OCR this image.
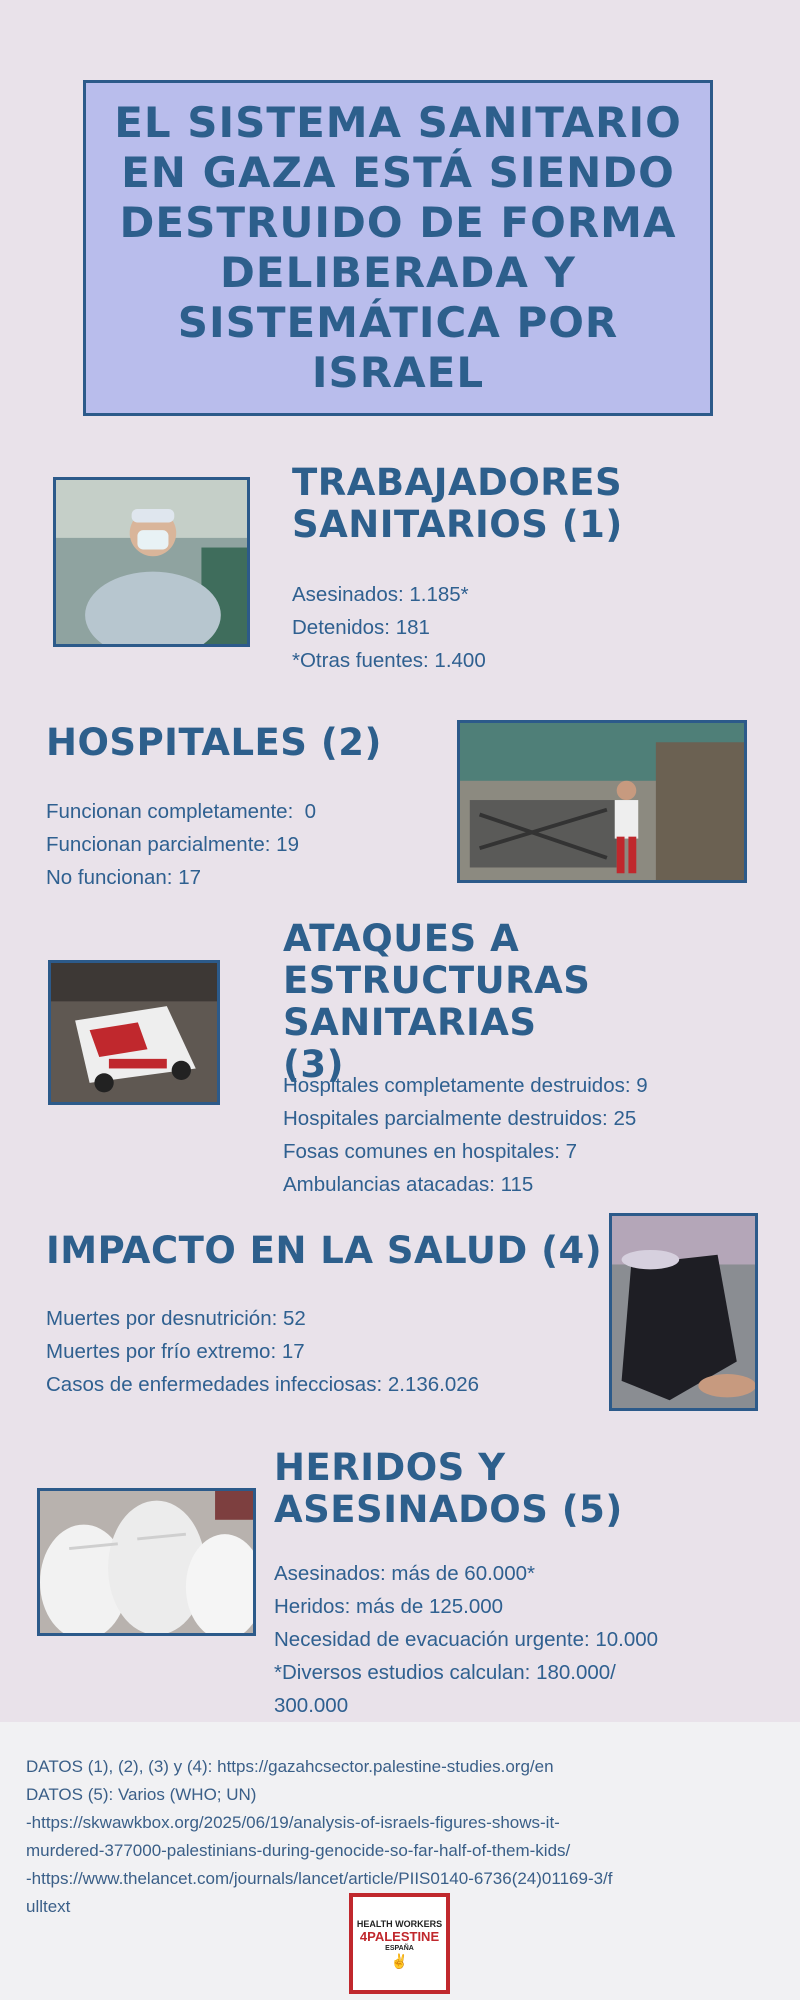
EL SISTEMA SANITARIO EN GAZA ESTÁ SIENDO DESTRUIDO DE FORMA DELIBERADA Y SISTEMÁTICA POR ISRAEL
TRABAJADORES SANITARIOS (1)
Asesinados: 1.185*
Detenidos: 181
*Otras fuentes: 1.400
HOSPITALES (2)
Funcionan completamente:  0
Funcionan parcialmente: 19
No funcionan: 17
ATAQUES A ESTRUCTURAS SANITARIAS (3)
Hospitales completamente destruidos: 9
Hospitales parcialmente destruidos: 25
Fosas comunes en hospitales: 7
Ambulancias atacadas: 115
IMPACTO EN LA SALUD (4)
Muertes por desnutrición: 52
Muertes por frío extremo: 17
Casos de enfermedades infecciosas: 2.136.026
HERIDOS Y ASESINADOS (5)
Asesinados: más de 60.000*
Heridos: más de 125.000
Necesidad de evacuación urgente: 10.000
*Diversos estudios calculan: 180.000/
300.000

DATOS (1), (2), (3) y (4): https://gazahcsector.palestine-studies.org/en

DATOS (5): Varios (WHO; UN)

-https://skwawkbox.org/2025/06/19/analysis-of-israels-figures-shows-it-

murdered-377000-palestinians-during-genocide-so-far-half-of-them-kids/

-https://www.thelancet.com/journals/lancet/article/PIIS0140-6736(24)01169-3/f

ulltext

HEALTH WORKERS
4PALESTINE
ESPAÑA
✌
